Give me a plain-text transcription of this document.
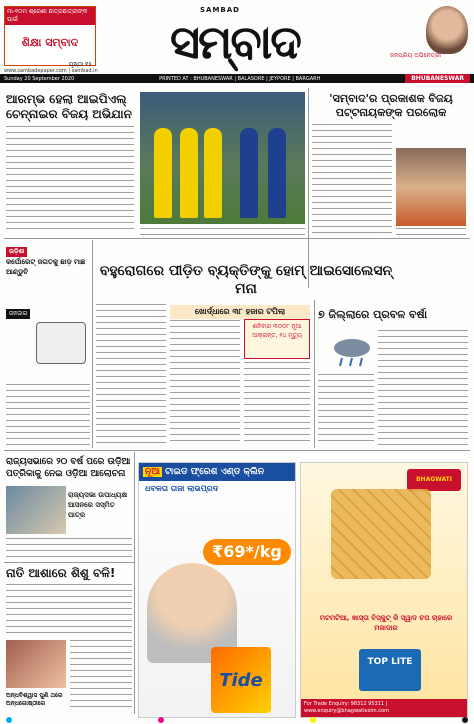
ମା-୧୦ମ ଶ୍ରେଣୀ ଛାତ୍ରଛାତ୍ରୀଙ୍କ ପାଇଁ
ଶିକ୍ଷା ସମ୍ବାଦ
ପୃଷ୍ଠା ୧୫
www.sambadepaper.com | sambad.in
SAMBAD
ସମ୍ବାଦ	ଜନପ୍ରିୟ ଅଭିନେତ୍ରୀ
Sunday 20 September 2020	PRINTED AT : BHUBANESWAR | BALASORE | JEYPORE | BARGARH	BHUBANESWAR
ଆରମ୍ଭ ହେଲା ଆଇପିଏଲ୍ ଚେନ୍ନାଇର ବିଜୟ ଅଭିଯାନ
'ସମ୍ବାଦ'ର ପ୍ରକାଶକ ବିଜୟ ପଟ୍ଟନାୟକଙ୍କ ପରଲୋକ
ଉଡ଼ିଶା
କର୍ପୋରେଟ୍ ଜଗତକୁ ଛାଡ଼ ମାଛ ଆଣ୍ଡୁଚି
ଜନଜାଗ
ବହୁରୋଗରେ ପୀଡ଼ିତ ବ୍ୟକ୍ତିଙ୍କୁ ହୋମ୍ ଆଇସୋଲେସନ୍ ମନା
ଖୋର୍ଦ୍ଧାରେ ୩୮ ହଜାର ଟପିଲା
ଶନିବାର ୩୦୦୮ ନୂଆ ଆକ୍ରାନ୍ତ, ୧୪ ମୃତ୍ୟୁ
୭ ଜିଲ୍ଲାରେ ପ୍ରବଳ ବର୍ଷା
ରାଜ୍ୟସଭାରେ ୨୦ ବର୍ଷ ପରେ ଉଡ଼ିଆ ପତ୍ରିକାକୁ ନେଇ ଓଡ଼ିଆ ଆଲୋଚନା
ରାଜ୍ୟସଭା ଉପାଧ୍ୟକ୍ଷ ଆସନରେ ସସ୍ମିତ ପାତ୍ର
ନାତି ଆଶାରେ ଶିଶୁ ବଳି!
ଅନ୍ଧବିଶ୍ୱାସ ପୁଣି ଥରେ ଅନ୍ଧଗୋଷ୍ଠୀରେ
ନୂଆ ଟାଇଡ ଫ୍ରେଶ ଏଣ୍ଡ କ୍ଲିନ
ଧବଳତା ତାଜା ଲାଭପ୍ରଦ
₹69*/kg
Tide
BHAGWATI
ମଟମଟିଆ, ଖାସ୍ତା ବିସ୍କୁଟ୍ କି ସ୍ୱାଦ ଚପ ଚାହାରେ ମଜାଦାର
TOP LITE
For Trade Enquiry: 98312 95311 | www.enquiry@bhagwatiexim.com
